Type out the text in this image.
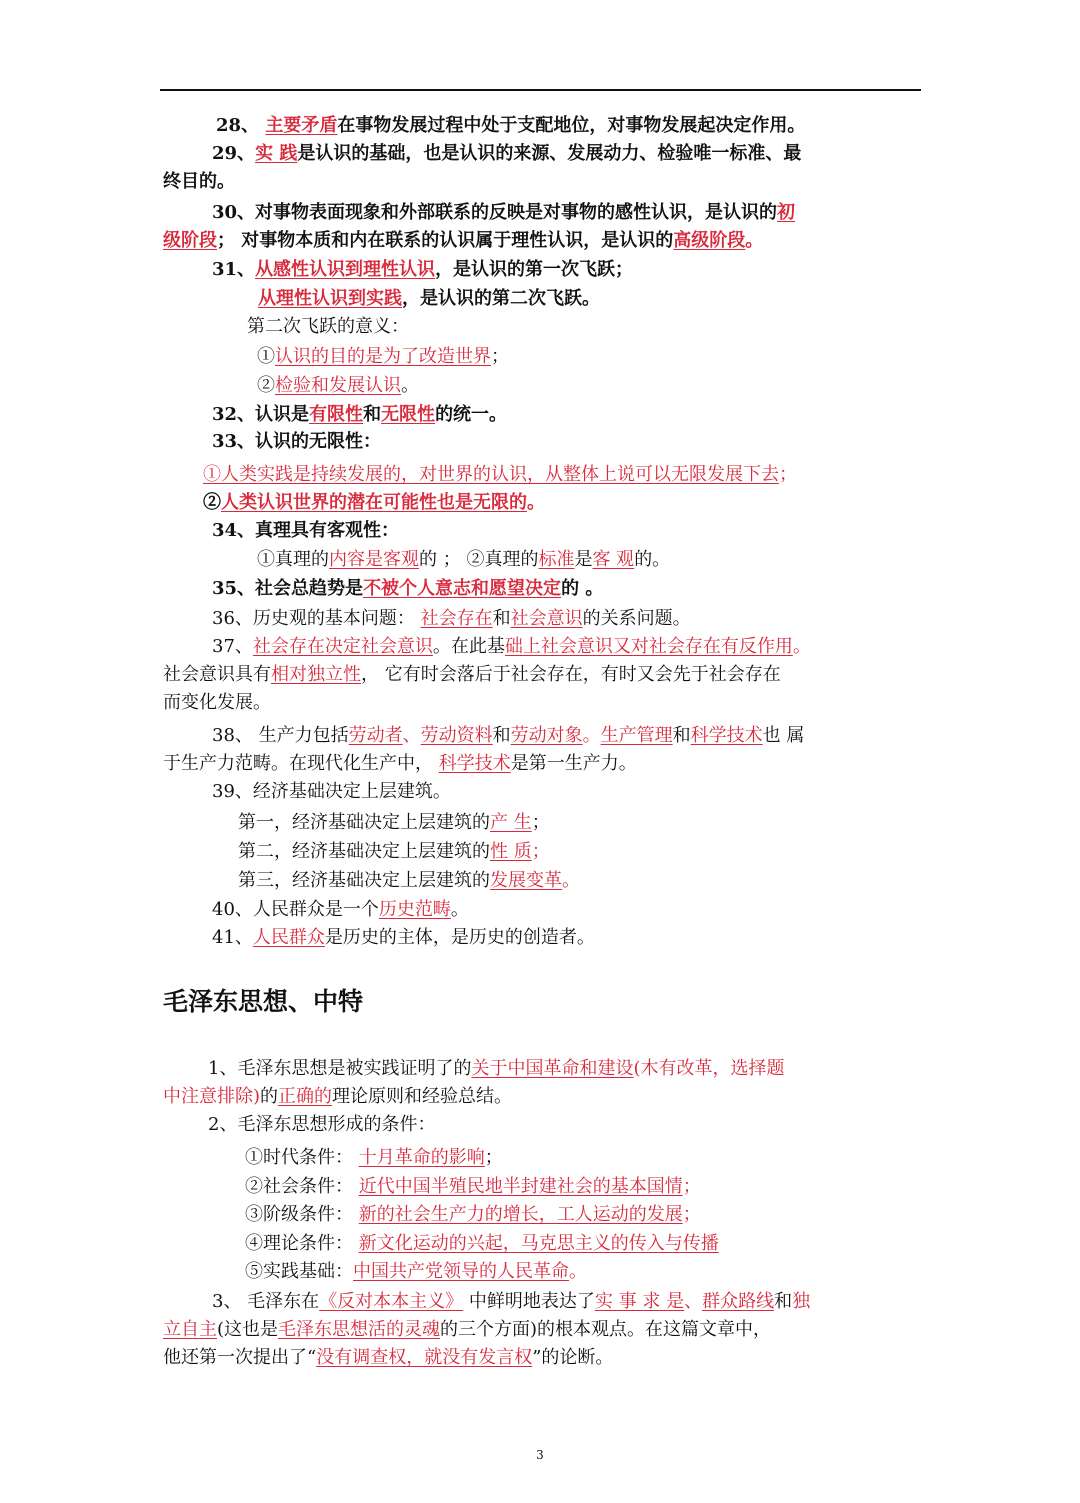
28、 主要矛盾在事物发展过程中处于支配地位，对事物发展起决定作用。
29、实 践是认识的基础，也是认识的来源、发展动力、检验唯一标准、最
终目的。
30、对事物表面现象和外部联系的反映是对事物的感性认识，是认识的初
级阶段； 对事物本质和内在联系的认识属于理性认识，是认识的高级阶段。
31、从感性认识到理性认识，是认识的第一次飞跃；
从理性认识到实践，是认识的第二次飞跃。
第二次飞跃的意义：
①认识的目的是为了改造世界；
②检验和发展认识。
32、认识是有限性和无限性的统一。
33、认识的无限性：
①人类实践是持续发展的，对世界的认识，从整体上说可以无限发展下去；
②人类认识世界的潜在可能性也是无限的。
34、真理具有客观性：
①真理的内容是客观的 ； ②真理的标准是客 观的。
35、社会总趋势是不被个人意志和愿望决定的 。
36、历史观的基本问题： 社会存在和社会意识的关系问题。
37、社会存在决定社会意识。在此基础上社会意识又对社会存在有反作用。
社会意识具有相对独立性， 它有时会落后于社会存在，有时又会先于社会存在
而变化发展。
38、 生产力包括劳动者、劳动资料和劳动对象。生产管理和科学技术也 属
于生产力范畴。在现代化生产中， 科学技术是第一生产力。
39、经济基础决定上层建筑。
第一，经济基础决定上层建筑的产 生；
第二，经济基础决定上层建筑的性 质；
第三，经济基础决定上层建筑的发展变革。
40、人民群众是一个历史范畴。
41、人民群众是历史的主体，是历史的创造者。
毛泽东思想、中特
1、毛泽东思想是被实践证明了的关于中国革命和建设(木有改革，选择题
中注意排除)的正确的理论原则和经验总结。
2、毛泽东思想形成的条件：
①时代条件： 十月革命的影响；
②社会条件： 近代中国半殖民地半封建社会的基本国情；
③阶级条件： 新的社会生产力的增长，工人运动的发展；
④理论条件： 新文化运动的兴起，马克思主义的传入与传播
⑤实践基础：中国共产党领导的人民革命。
3、 毛泽东在《反对本本主义》 中鲜明地表达了实 事 求 是、群众路线和独
立自主(这也是毛泽东思想活的灵魂的三个方面)的根本观点。在这篇文章中，
他还第一次提出了“没有调查权，就没有发言权”的论断。
3
